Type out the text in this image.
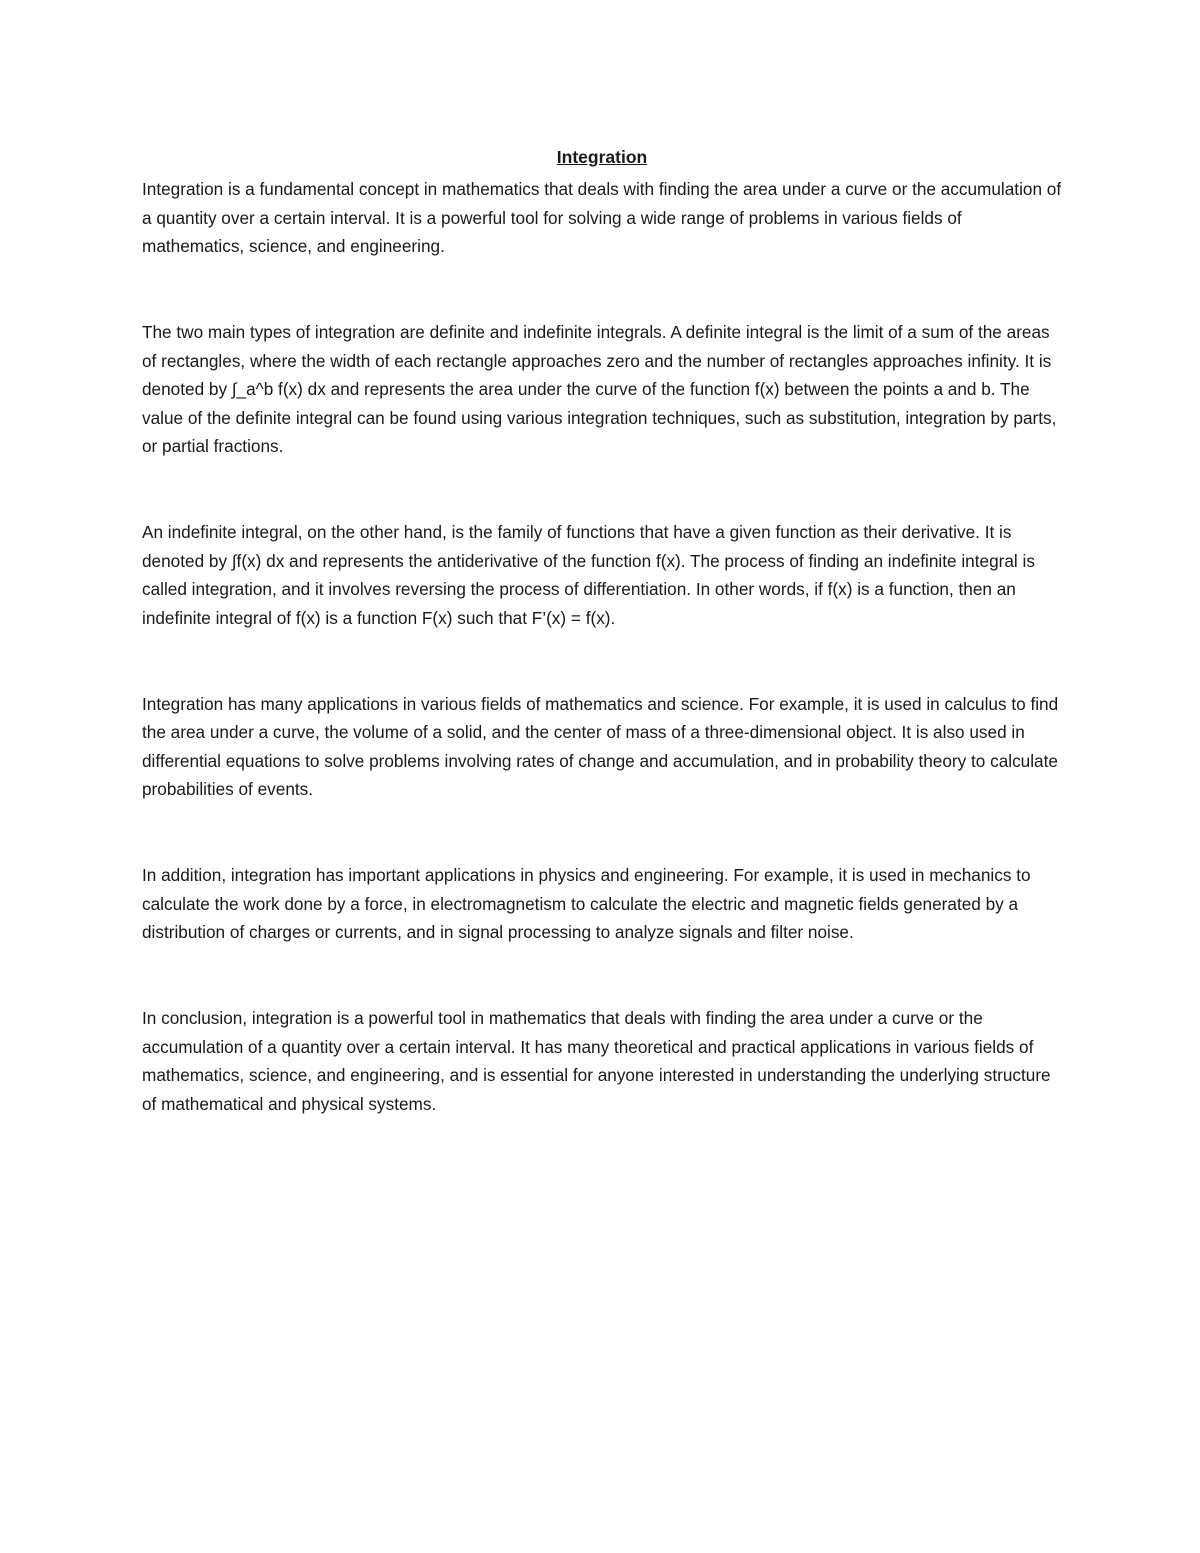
Integration

Integration is a fundamental concept in mathematics that deals with finding the area under a curve or the accumulation of a quantity over a certain interval. It is a powerful tool for solving a wide range of problems in various fields of mathematics, science, and engineering.

The two main types of integration are definite and indefinite integrals. A definite integral is the limit of a sum of the areas of rectangles, where the width of each rectangle approaches zero and the number of rectangles approaches infinity. It is denoted by ∫_a^b f(x) dx and represents the area under the curve of the function f(x) between the points a and b. The value of the definite integral can be found using various integration techniques, such as substitution, integration by parts, or partial fractions.

An indefinite integral, on the other hand, is the family of functions that have a given function as their derivative. It is denoted by ∫f(x) dx and represents the antiderivative of the function f(x). The process of finding an indefinite integral is called integration, and it involves reversing the process of differentiation. In other words, if f(x) is a function, then an indefinite integral of f(x) is a function F(x) such that F’(x) = f(x).

Integration has many applications in various fields of mathematics and science. For example, it is used in calculus to find the area under a curve, the volume of a solid, and the center of mass of a three-dimensional object. It is also used in differential equations to solve problems involving rates of change and accumulation, and in probability theory to calculate probabilities of events.

In addition, integration has important applications in physics and engineering. For example, it is used in mechanics to calculate the work done by a force, in electromagnetism to calculate the electric and magnetic fields generated by a distribution of charges or currents, and in signal processing to analyze signals and filter noise.

In conclusion, integration is a powerful tool in mathematics that deals with finding the area under a curve or the accumulation of a quantity over a certain interval. It has many theoretical and practical applications in various fields of mathematics, science, and engineering, and is essential for anyone interested in understanding the underlying structure of mathematical and physical systems.
